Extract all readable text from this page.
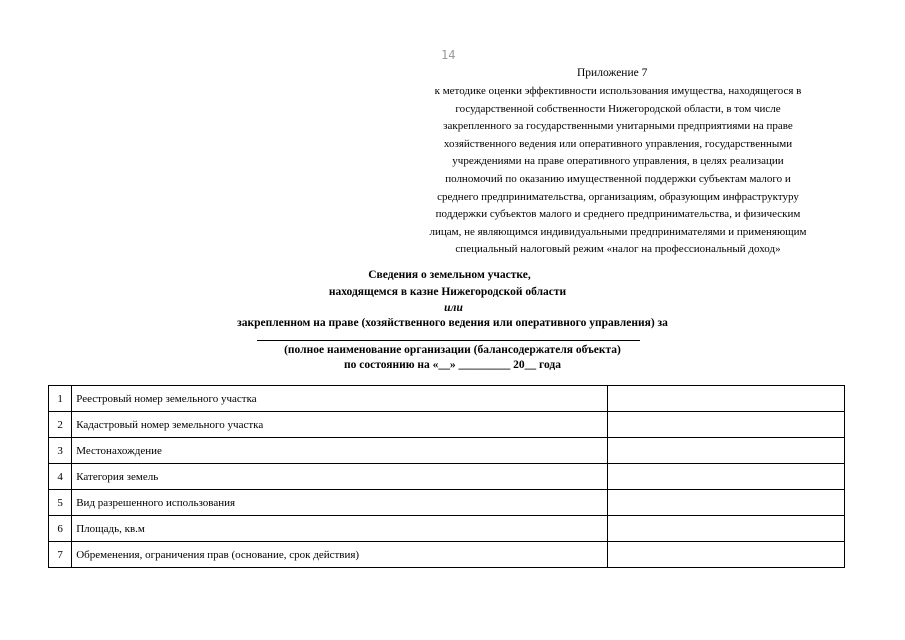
14
Приложение 7
к методике оценки эффективности использования имущества, находящегося в
государственной собственности Нижегородской области, в том числе
закрепленного за государственными унитарными предприятиями на праве
хозяйственного ведения или оперативного управления, государственными
учреждениями на праве оперативного управления, в целях реализации
полномочий по оказанию имущественной поддержки субъектам малого и
среднего предпринимательства, организациям, образующим инфраструктуру
поддержки субъектов малого и среднего предпринимательства, и физическим
лицам, не являющимся индивидуальными предпринимателями и применяющим
специальный налоговый режим «налог на профессиональный доход»
Сведения о земельном участке,
находящемся в казне Нижегородской области
или
закрепленном на праве (хозяйственного ведения или оперативного управления) за
(полное наименование организации (балансодержателя объекта)
по состоянию на «__» _________ 20__ года
1	Реестровый номер земельного участка	
2	Кадастровый номер земельного участка	
3	Местонахождение	
4	Категория земель	
5	Вид разрешенного использования	
6	Площадь, кв.м	
7	Обременения, ограничения прав (основание, срок действия)	
